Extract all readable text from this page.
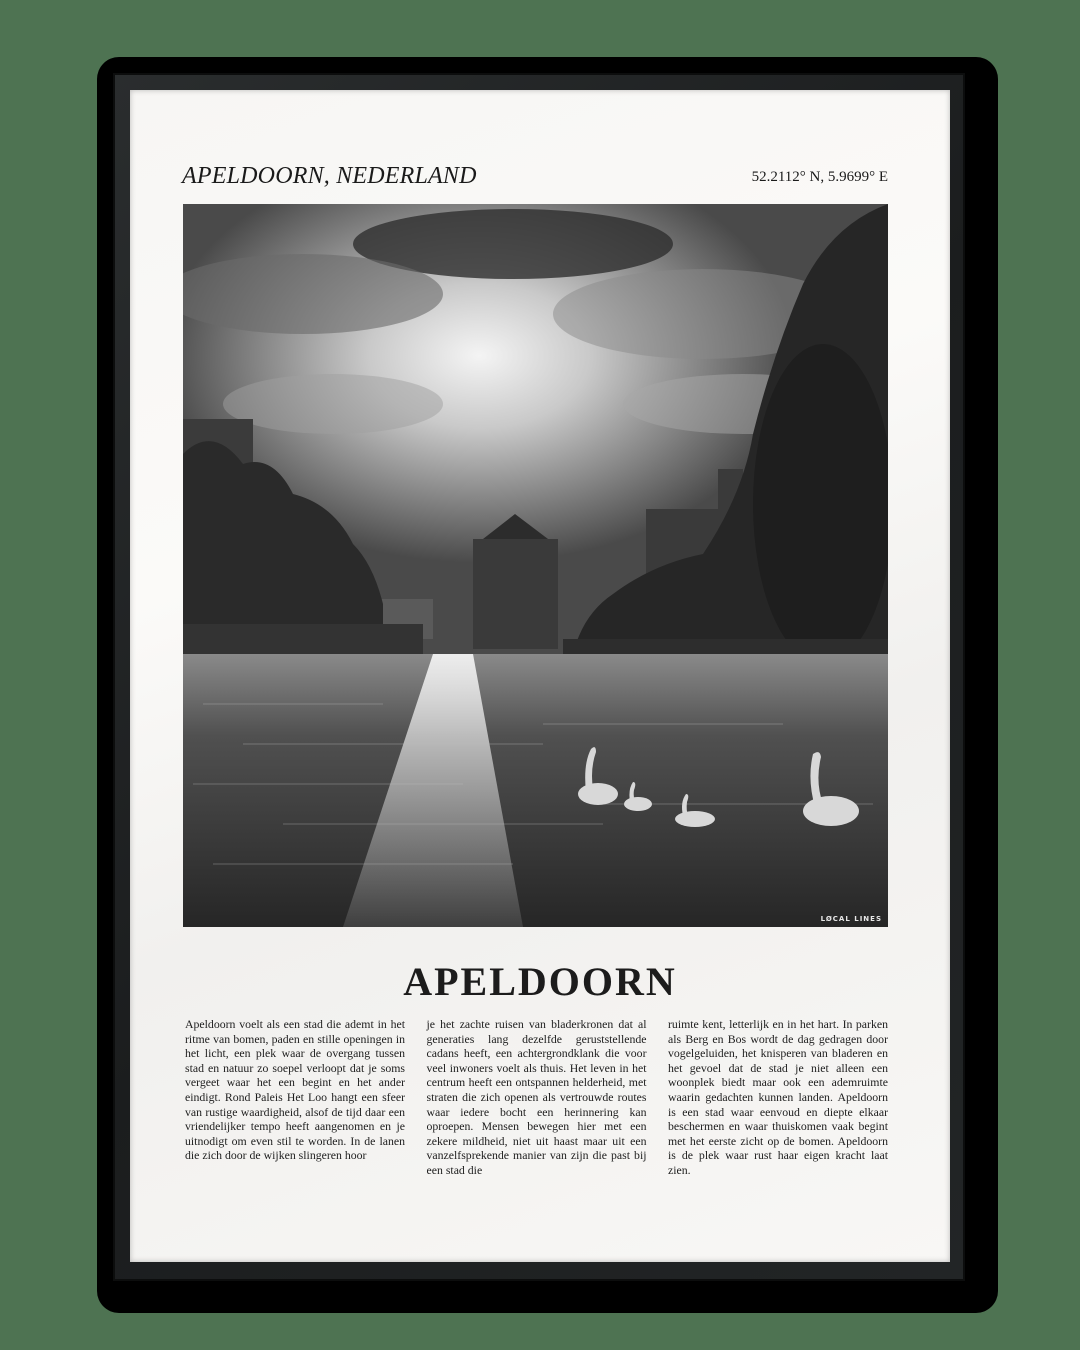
APELDOORN, NEDERLAND	52.2112° N, 5.9699° E
LØCAL LINES
APELDOORN
Apeldoorn voelt als een stad die ademt in het ritme van bomen, paden en stille openingen in het licht, een plek waar de overgang tussen stad en natuur zo soepel verloopt dat je soms vergeet waar het een begint en het ander eindigt. Rond Paleis Het Loo hangt een sfeer van rustige waardigheid, alsof de tijd daar een vriendelijker tempo heeft aangenomen en je uitnodigt om even stil te worden. In de lanen die zich door de wijken slingeren hoor
je het zachte ruisen van bladerkronen dat al generaties lang dezelfde geruststellende cadans heeft, een achtergrondklank die voor veel inwoners voelt als thuis. Het leven in het centrum heeft een ontspannen helderheid, met straten die zich openen als vertrouwde routes waar iedere bocht een herinnering kan oproepen. Mensen bewegen hier met een zekere mildheid, niet uit haast maar uit een vanzelfsprekende manier van zijn die past bij een stad die
ruimte kent, letterlijk en in het hart. In parken als Berg en Bos wordt de dag gedragen door vogelgeluiden, het knisperen van bladeren en het gevoel dat de stad je niet alleen een woonplek biedt maar ook een ademruimte waarin gedachten kunnen landen. Apeldoorn is een stad waar eenvoud en diepte elkaar beschermen en waar thuiskomen vaak begint met het eerste zicht op de bomen. Apeldoorn is de plek waar rust haar eigen kracht laat zien.
